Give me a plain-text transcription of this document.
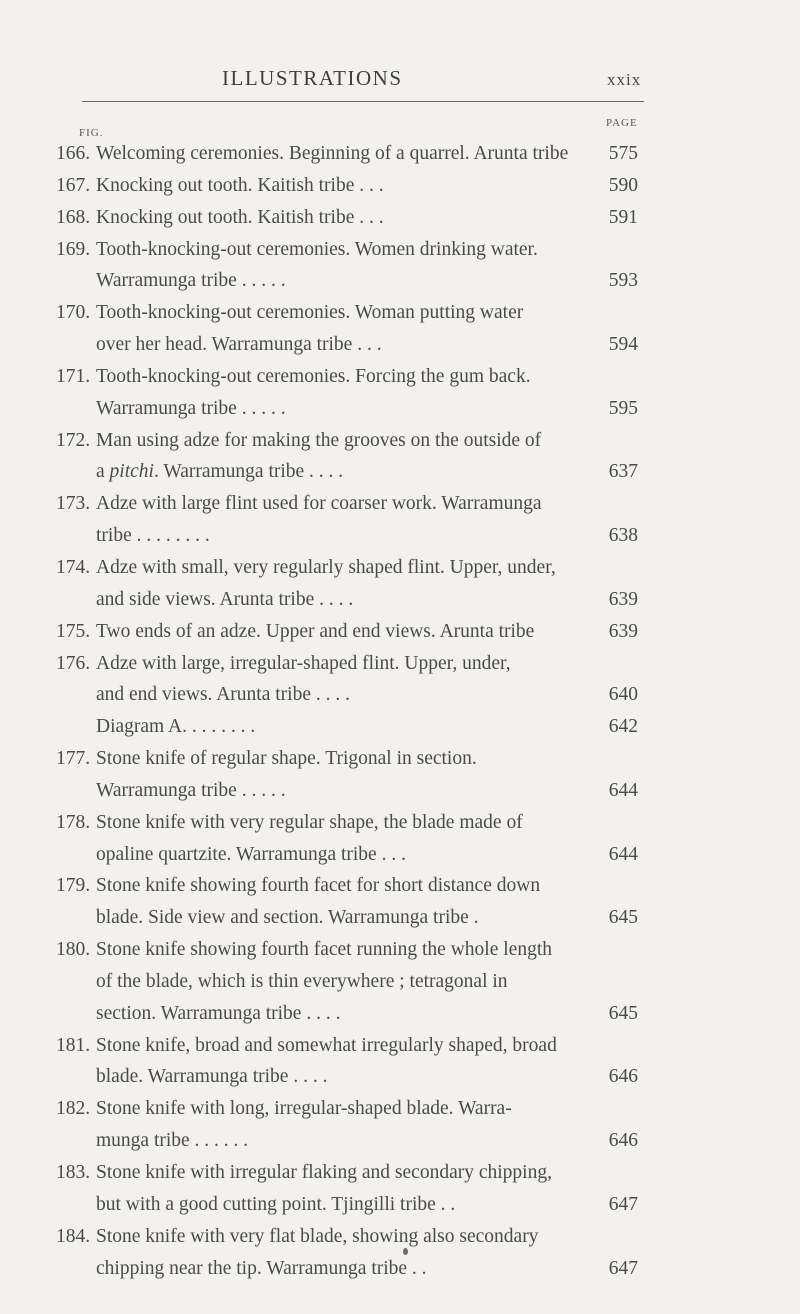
ILLUSTRATIONS	xxix
FIG.
PAGE
166. Welcoming ceremonies. Beginning of a quarrel. Arunta tribe	575
167. Knocking out tooth. Kaitish tribe . . .	590
168. Knocking out tooth. Kaitish tribe . . .	591
169. Tooth-knocking-out ceremonies. Women drinking water.
Warramunga tribe . . . . .	593
170. Tooth-knocking-out ceremonies. Woman putting water
over her head. Warramunga tribe . . .	594
171. Tooth-knocking-out ceremonies. Forcing the gum back.
Warramunga tribe . . . . .	595
172. Man using adze for making the grooves on the outside of
a pitchi. Warramunga tribe . . . .	637
173. Adze with large flint used for coarser work. Warramunga
tribe . . . . . . . .	638
174. Adze with small, very regularly shaped flint. Upper, under,
and side views. Arunta tribe . . . .	639
175. Two ends of an adze. Upper and end views. Arunta tribe	639
176. Adze with large, irregular-shaped flint. Upper, under,
and end views. Arunta tribe . . . .	640
Diagram A. . . . . . . .	642
177. Stone knife of regular shape. Trigonal in section.
Warramunga tribe . . . . .	644
178. Stone knife with very regular shape, the blade made of
opaline quartzite. Warramunga tribe . . .	644
179. Stone knife showing fourth facet for short distance down
blade. Side view and section. Warramunga tribe .	645
180. Stone knife showing fourth facet running the whole length
of the blade, which is thin everywhere ; tetragonal in
section. Warramunga tribe . . . .	645
181. Stone knife, broad and somewhat irregularly shaped, broad
blade. Warramunga tribe . . . .	646
182. Stone knife with long, irregular-shaped blade. Warra-
munga tribe . . . . . .	646
183. Stone knife with irregular flaking and secondary chipping,
but with a good cutting point. Tjingilli tribe . .	647
184. Stone knife with very flat blade, showing also secondary
chipping near the tip. Warramunga tribe . .	647
